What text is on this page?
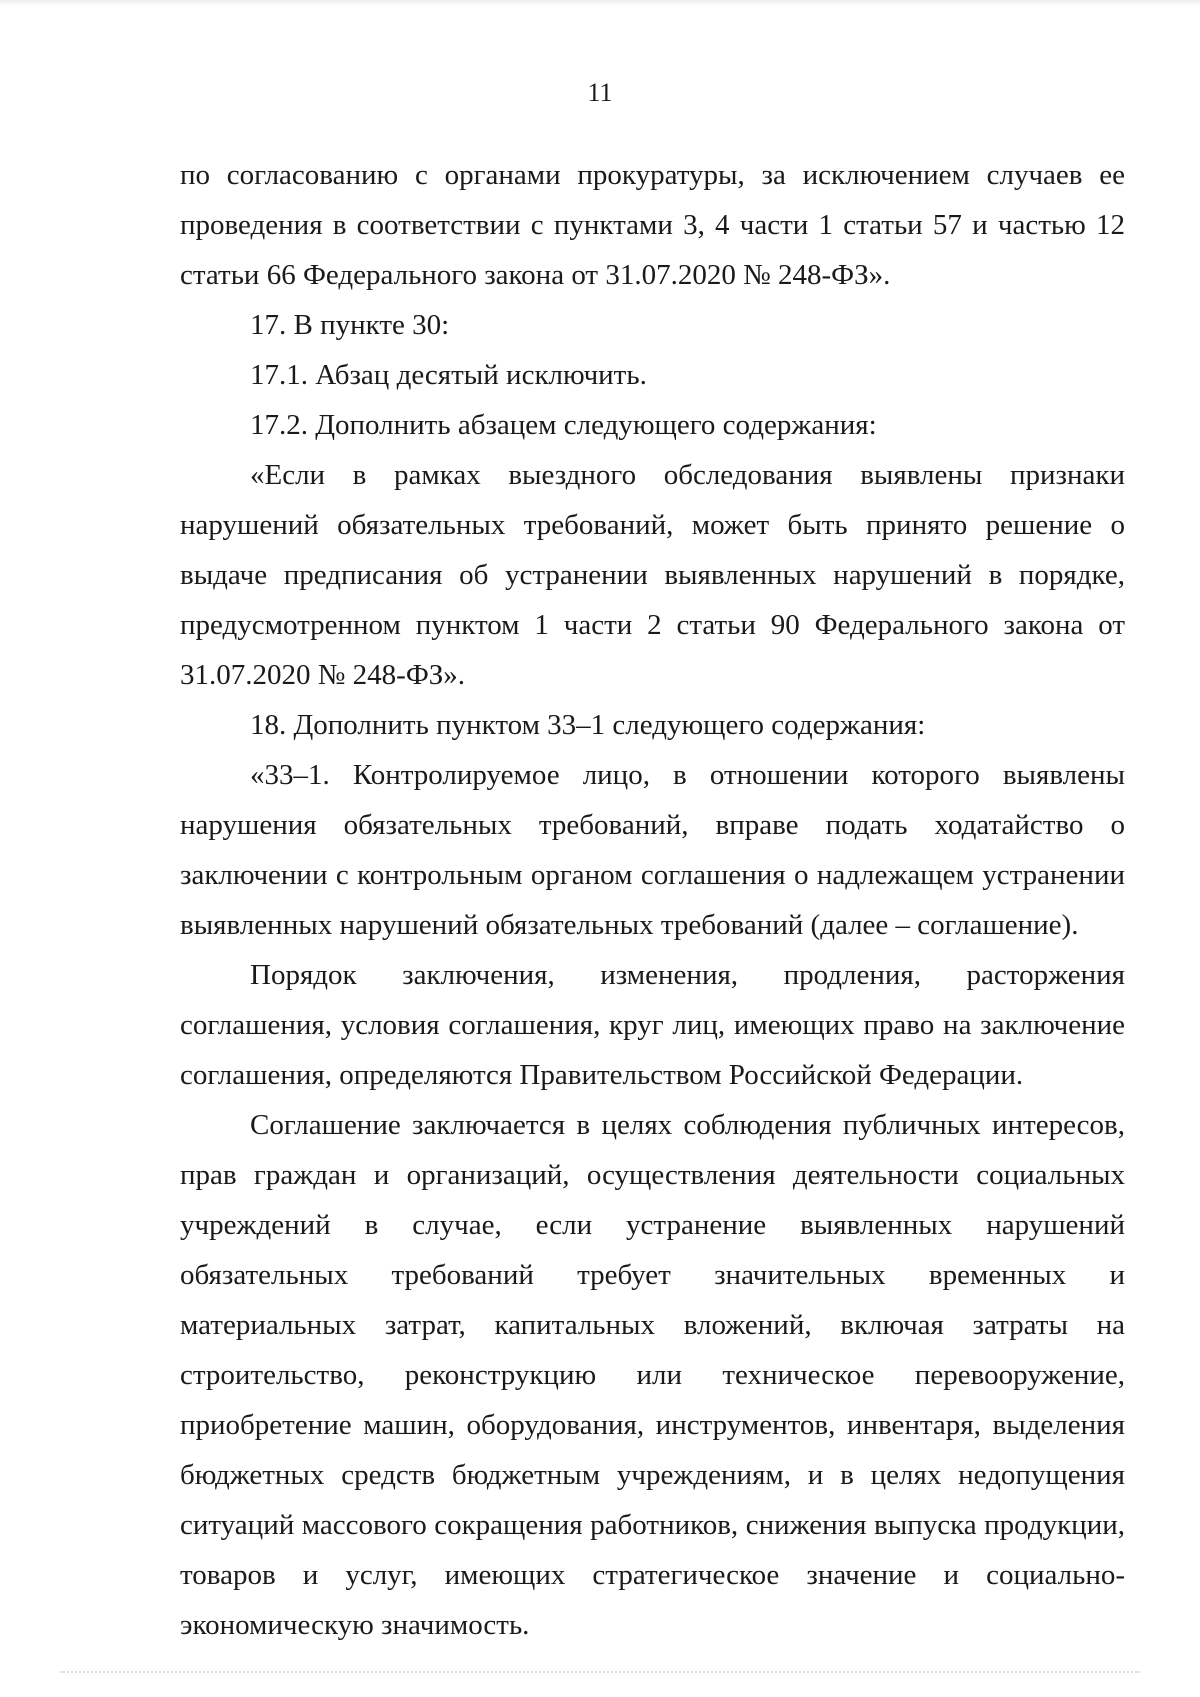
11

по согласованию с органами прокуратуры, за исключением случаев ее проведения в соответствии с пунктами 3, 4 части 1 статьи 57 и частью 12 статьи 66 Федерального закона от 31.07.2020 № 248-ФЗ».

17. В пункте 30:

17.1. Абзац десятый исключить.

17.2. Дополнить абзацем следующего содержания:

«Если в рамках выездного обследования выявлены признаки нарушений обязательных требований, может быть принято решение о выдаче предписания об устранении выявленных нарушений в порядке, предусмотренном пунктом 1 части 2 статьи 90 Федерального закона от 31.07.2020 № 248-ФЗ».

18. Дополнить пунктом 33–1 следующего содержания:

«33–1. Контролируемое лицо, в отношении которого выявлены нарушения обязательных требований, вправе подать ходатайство о заключении с контрольным органом соглашения о надлежащем устранении выявленных нарушений обязательных требований (далее – соглашение).

Порядок заключения, изменения, продления, расторжения соглашения, условия соглашения, круг лиц, имеющих право на заключение соглашения, определяются Правительством Российской Федерации.

Соглашение заключается в целях соблюдения публичных интересов, прав граждан и организаций, осуществления деятельности социальных учреждений в случае, если устранение выявленных нарушений обязательных требований требует значительных временных и материальных затрат, капитальных вложений, включая затраты на строительство, реконструкцию или техническое перевооружение, приобретение машин, оборудования, инструментов, инвентаря, выделения бюджетных средств бюджетным учреждениям, и в целях недопущения ситуаций массового сокращения работников, снижения выпуска продукции, товаров и услуг, имеющих стратегическое значение и социально-экономическую значимость.
